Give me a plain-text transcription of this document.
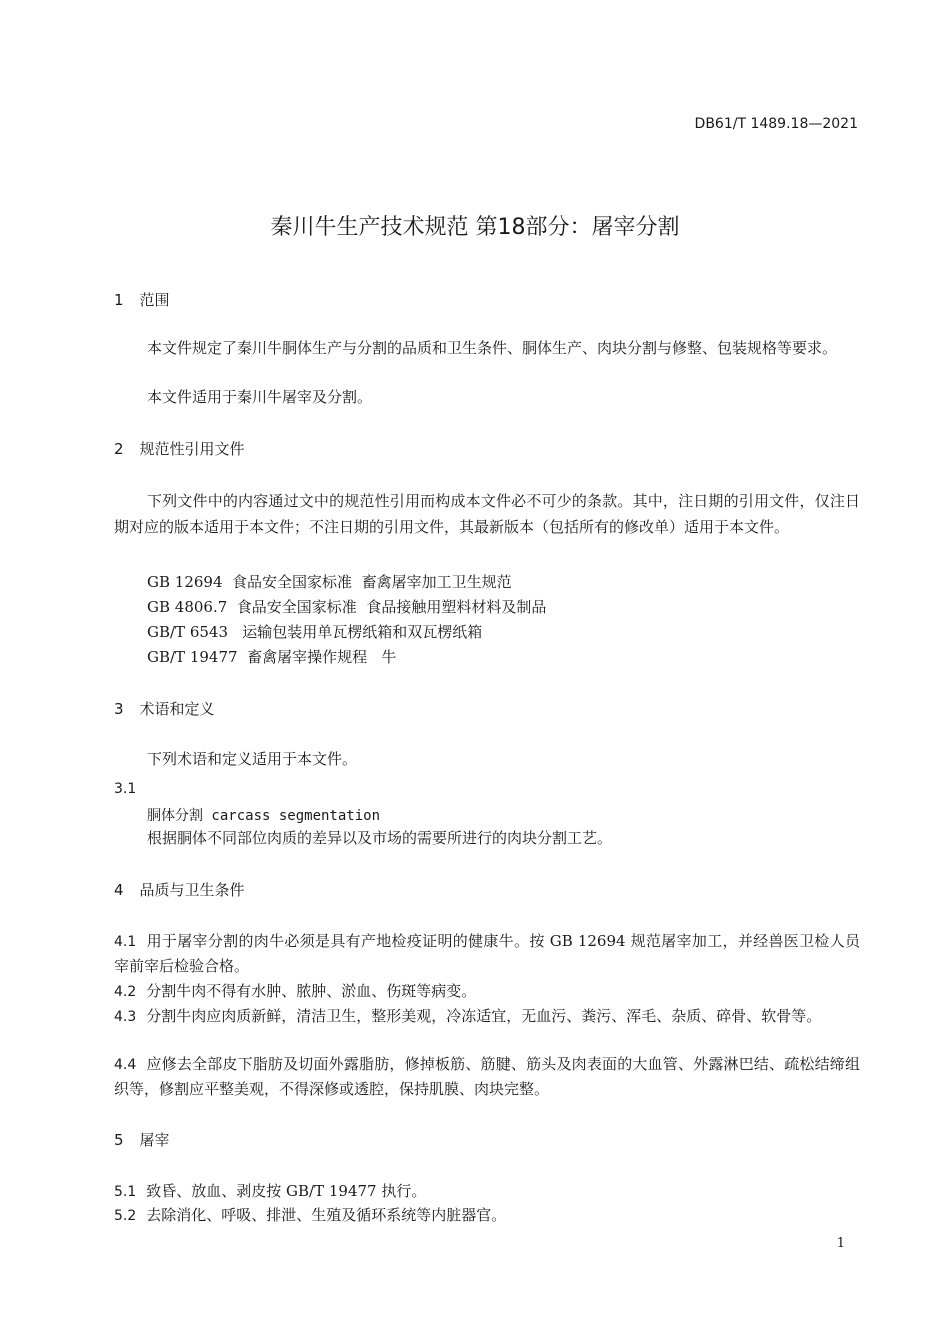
DB61/T 1489.18—2021
秦川牛生产技术规范 第18部分：屠宰分割
1 范围
本文件规定了秦川牛胴体生产与分割的品质和卫生条件、胴体生产、肉块分割与修整、包装规格等要求。
本文件适用于秦川牛屠宰及分割。
2 规范性引用文件
下列文件中的内容通过文中的规范性引用而构成本文件必不可少的条款。其中，注日期的引用文件，仅注日期对应的版本适用于本文件；不注日期的引用文件，其最新版本（包括所有的修改单）适用于本文件。
GB 12694  食品安全国家标准  畜禽屠宰加工卫生规范
GB 4806.7  食品安全国家标准  食品接触用塑料材料及制品
GB/T 6543   运输包装用单瓦楞纸箱和双瓦楞纸箱
GB/T 19477  畜禽屠宰操作规程   牛
3 术语和定义
下列术语和定义适用于本文件。
3.1
胴体分割 carcass segmentation
根据胴体不同部位肉质的差异以及市场的需要所进行的肉块分割工艺。
4 品质与卫生条件
4.1 用于屠宰分割的肉牛必须是具有产地检疫证明的健康牛。按 GB 12694 规范屠宰加工，并经兽医卫检人员宰前宰后检验合格。
4.2 分割牛肉不得有水肿、脓肿、淤血、伤斑等病变。
4.3 分割牛肉应肉质新鲜，清洁卫生，整形美观，冷冻适宜，无血污、粪污、浑毛、杂质、碎骨、软骨等。
4.4 应修去全部皮下脂肪及切面外露脂肪，修掉板筋、筋腱、筋头及肉表面的大血管、外露淋巴结、疏松结缔组织等，修割应平整美观，不得深修或透腔，保持肌膜、肉块完整。
5 屠宰
5.1 致昏、放血、剥皮按 GB/T 19477 执行。
5.2 去除消化、呼吸、排泄、生殖及循环系统等内脏器官。
1
